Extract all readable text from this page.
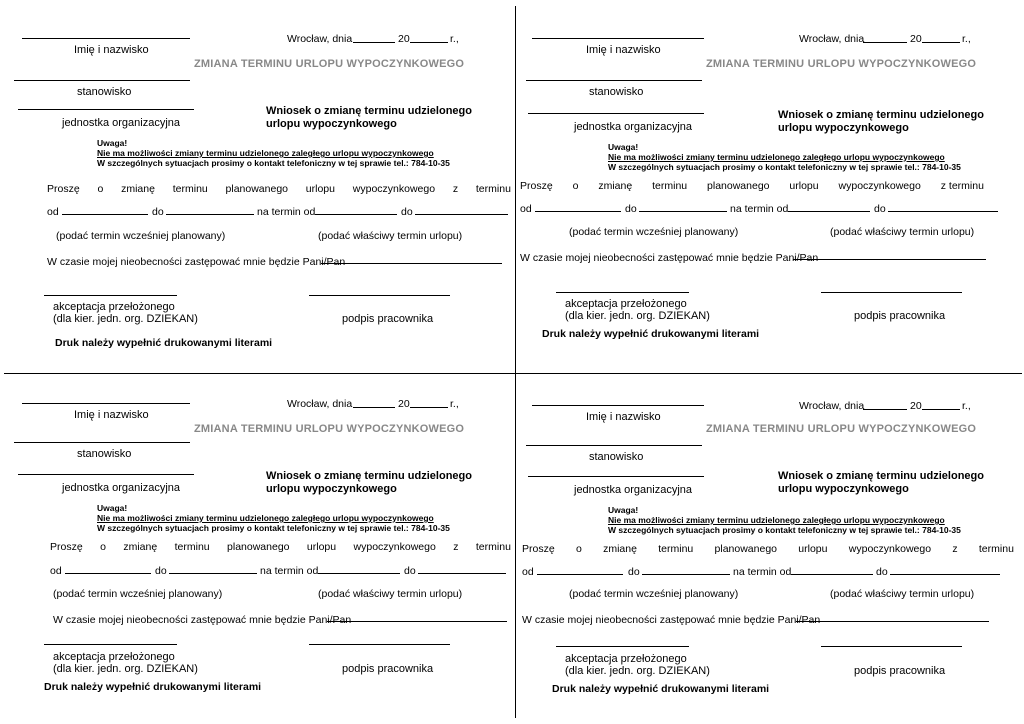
Imię i nazwisko
Wrocław, dnia	20	r.,
ZMIANA TERMINU URLOPU WYPOCZYNKOWEGO
stanowisko
jednostka organizacyjna
Wniosek o zmianę terminu udzielonego
urlopu wypoczynkowego
Uwaga!
Nie ma możliwości zmiany terminu udzielonego zaległego urlopu wypoczynkowego
W szczególnych sytuacjach prosimy o kontakt telefoniczny w tej sprawie tel.: 784-10-35
Proszę o zmianę terminu planowanego urlopu wypoczynkowego z terminu
od	do	na termin od	do
(podać termin wcześniej planowany)	(podać właściwy termin urlopu)
W czasie mojej nieobecności zastępować mnie będzie Pani/Pan
akceptacja przełożonego
(dla kier. jedn. org. DZIEKAN)	podpis pracownika
Druk należy wypełnić drukowanymi literami
Imię i nazwisko
Wrocław, dnia	20	r.,
ZMIANA TERMINU URLOPU WYPOCZYNKOWEGO
stanowisko
jednostka organizacyjna
Wniosek o zmianę terminu udzielonego
urlopu wypoczynkowego
Uwaga!
Nie ma możliwości zmiany terminu udzielonego zaległego urlopu wypoczynkowego
W szczególnych sytuacjach prosimy o kontakt telefoniczny w tej sprawie tel.: 784-10-35
Proszę o zmianę terminu planowanego urlopu wypoczynkowego z terminu
od	do	na termin od	do
(podać termin wcześniej planowany)	(podać właściwy termin urlopu)
W czasie mojej nieobecności zastępować mnie będzie Pani/Pan
akceptacja przełożonego
(dla kier. jedn. org. DZIEKAN)	podpis pracownika
Druk należy wypełnić drukowanymi literami
Imię i nazwisko
Wrocław, dnia	20	r.,
ZMIANA TERMINU URLOPU WYPOCZYNKOWEGO
stanowisko
jednostka organizacyjna
Wniosek o zmianę terminu udzielonego
urlopu wypoczynkowego
Uwaga!
Nie ma możliwości zmiany terminu udzielonego zaległego urlopu wypoczynkowego
W szczególnych sytuacjach prosimy o kontakt telefoniczny w tej sprawie tel.: 784-10-35
Proszę o zmianę terminu planowanego urlopu wypoczynkowego z terminu
od	do	na termin od	do
(podać termin wcześniej planowany)	(podać właściwy termin urlopu)
W czasie mojej nieobecności zastępować mnie będzie Pani/Pan
akceptacja przełożonego
(dla kier. jedn. org. DZIEKAN)	podpis pracownika
Druk należy wypełnić drukowanymi literami
Imię i nazwisko
Wrocław, dnia	20	r.,
ZMIANA TERMINU URLOPU WYPOCZYNKOWEGO
stanowisko
jednostka organizacyjna
Wniosek o zmianę terminu udzielonego
urlopu wypoczynkowego
Uwaga!
Nie ma możliwości zmiany terminu udzielonego zaległego urlopu wypoczynkowego
W szczególnych sytuacjach prosimy o kontakt telefoniczny w tej sprawie tel.: 784-10-35
Proszę o zmianę terminu planowanego urlopu wypoczynkowego z terminu
od	do	na termin od	do
(podać termin wcześniej planowany)	(podać właściwy termin urlopu)
W czasie mojej nieobecności zastępować mnie będzie Pani/Pan
akceptacja przełożonego
(dla kier. jedn. org. DZIEKAN)	podpis pracownika
Druk należy wypełnić drukowanymi literami
